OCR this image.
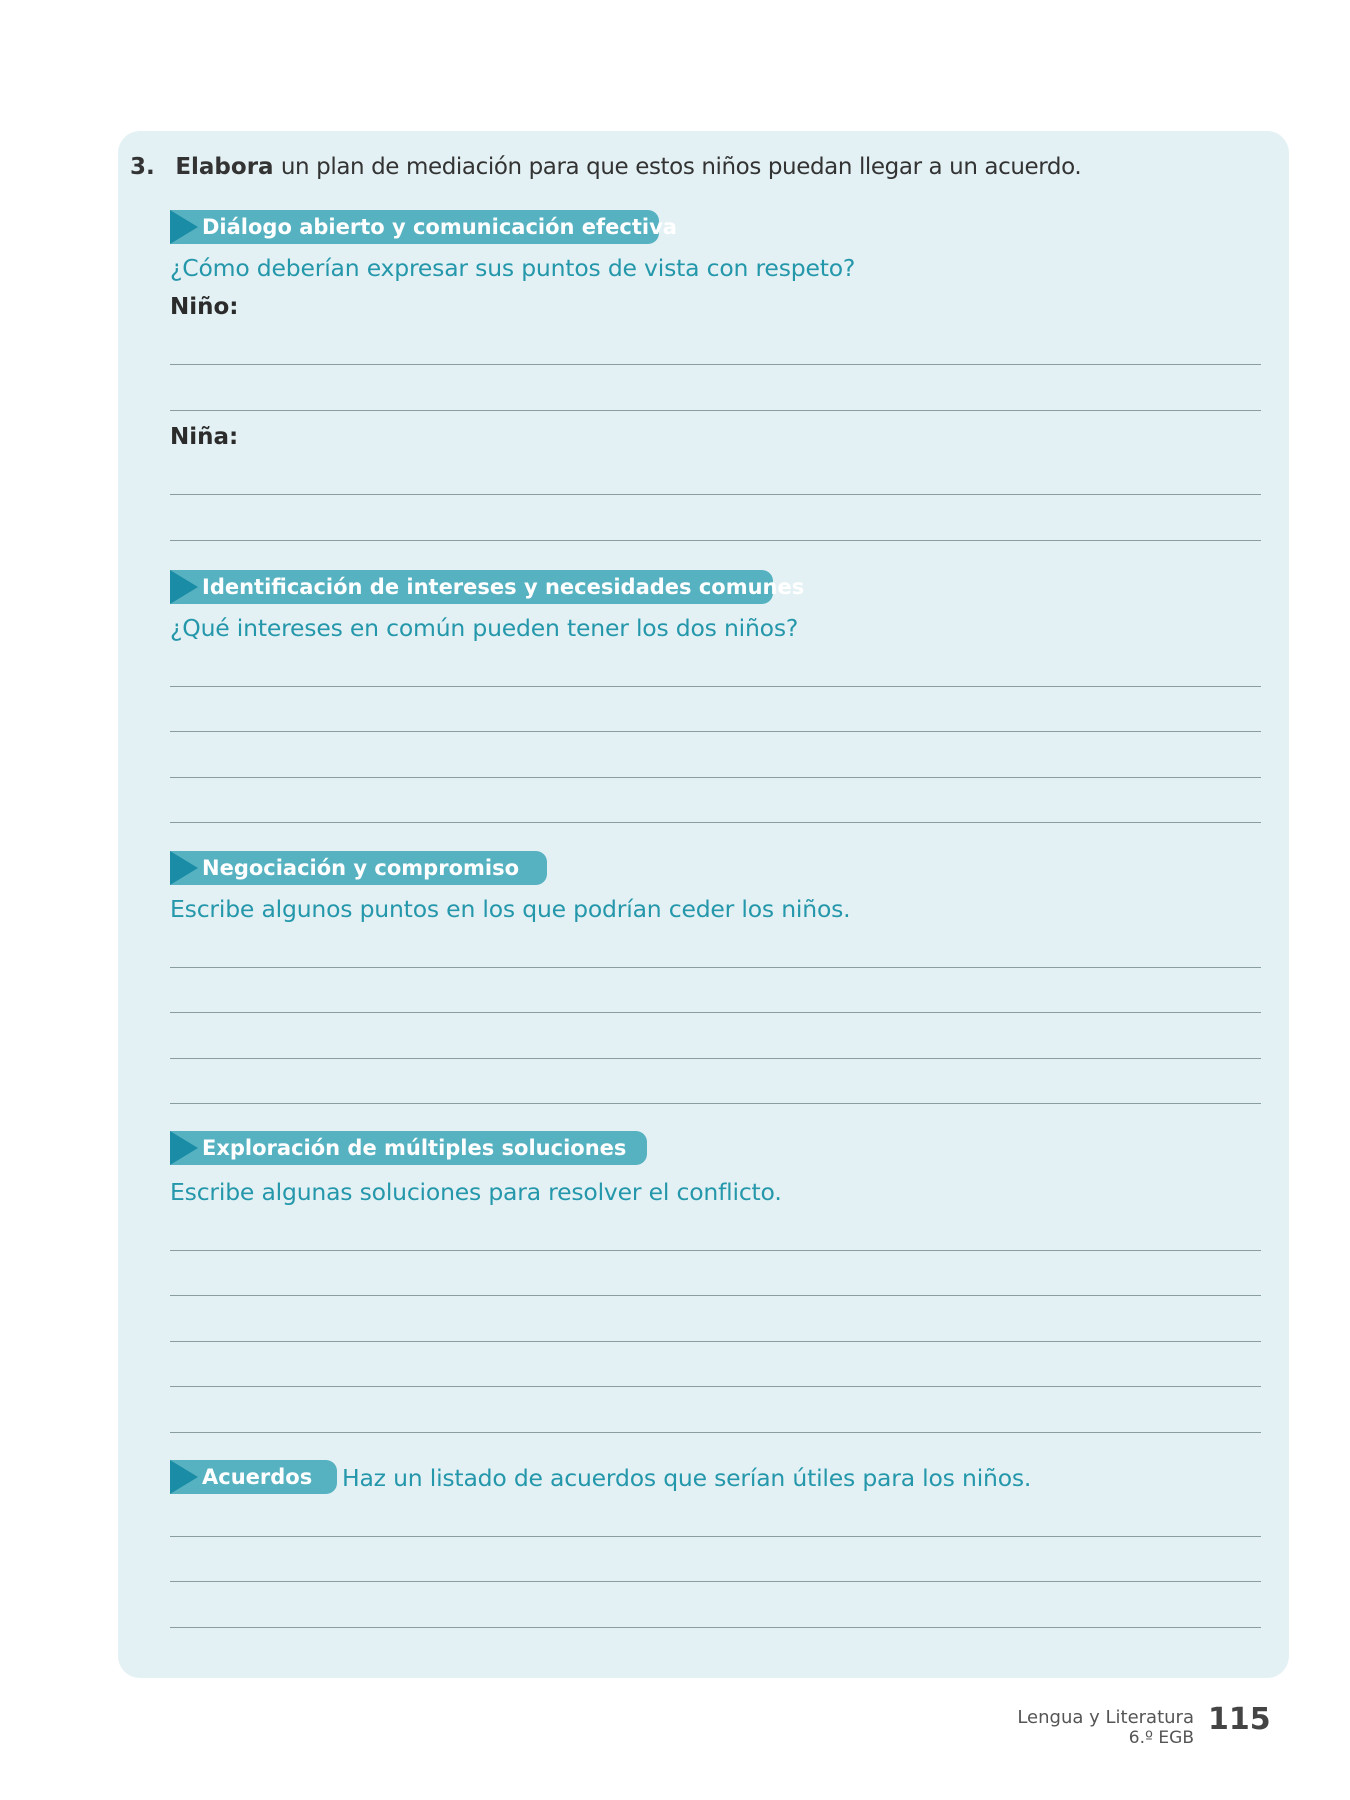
3. Elabora un plan de mediación para que estos niños puedan llegar a un acuerdo.
Diálogo abierto y comunicación efectiva
¿Cómo deberían expresar sus puntos de vista con respeto?
Niño:
Niña:
Identificación de intereses y necesidades comunes
¿Qué intereses en común pueden tener los dos niños?
Negociación y compromiso
Escribe algunos puntos en los que podrían ceder los niños.
Exploración de múltiples soluciones
Escribe algunas soluciones para resolver el conflicto.
Acuerdos	Haz un listado de acuerdos que serían útiles para los niños.
Lengua y Literatura
6.º EGB
115
